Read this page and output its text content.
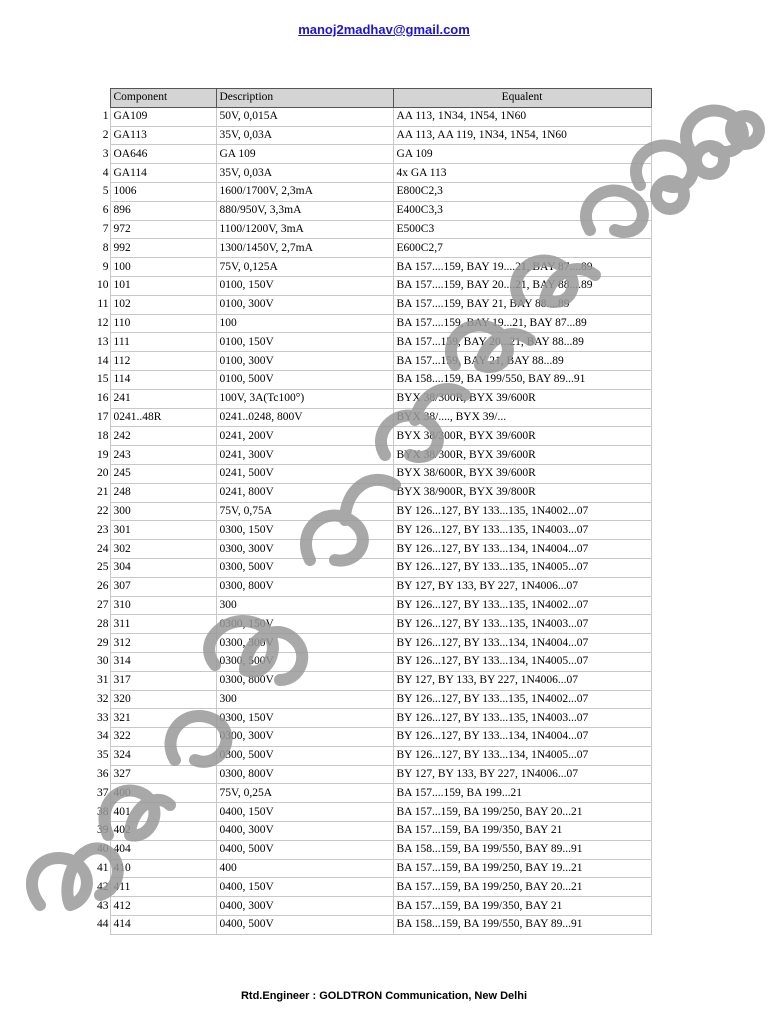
manoj2madhav@gmail.com
	Component	Description	Equalent
1	GA109	50V, 0,015A	AA 113, 1N34, 1N54, 1N60
2	GA113	35V, 0,03A	AA 113, AA 119, 1N34, 1N54, 1N60
3	OA646	GA 109	GA 109
4	GA114	35V, 0,03A	4x GA 113
5	1006	1600/1700V, 2,3mA	E800C2,3
6	896	880/950V, 3,3mA	E400C3,3
7	972	1100/1200V, 3mA	E500C3
8	992	1300/1450V, 2,7mA	E600C2,7
9	100	75V, 0,125A	BA 157....159, BAY 19....21, BAY 87....89
10	101	0100, 150V	BA 157....159, BAY 20....21, BAY 88....89
11	102	0100, 300V	BA 157....159, BAY 21, BAY 88....89
12	110	100	BA 157....159, BAY 19...21, BAY 87...89
13	111	0100, 150V	BA 157...159, BAY 20...21, BAY 88...89
14	112	0100, 300V	BA 157...159, BAY 21, BAY 88...89
15	114	0100, 500V	BA 158....159, BA 199/550, BAY 89...91
16	241	100V, 3A(Tc100°)	BYX 38/300R, BYX 39/600R
17	0241..48R	0241..0248, 800V	BYX 38/...., BYX 39/...
18	242	0241, 200V	BYX 38/300R, BYX 39/600R
19	243	0241, 300V	BYX 38/300R, BYX 39/600R
20	245	0241, 500V	BYX 38/600R, BYX 39/600R
21	248	0241, 800V	BYX 38/900R, BYX 39/800R
22	300	75V, 0,75A	BY 126...127, BY 133...135, 1N4002...07
23	301	0300, 150V	BY 126...127, BY 133...135, 1N4003...07
24	302	0300, 300V	BY 126...127, BY 133...134, 1N4004...07
25	304	0300, 500V	BY 126...127, BY 133...135, 1N4005...07
26	307	0300, 800V	BY 127, BY 133, BY 227, 1N4006...07
27	310	300	BY 126...127, BY 133...135, 1N4002...07
28	311	0300, 150V	BY 126...127, BY 133...135, 1N4003...07
29	312	0300, 300V	BY 126...127, BY 133...134, 1N4004...07
30	314	0300, 500V	BY 126...127, BY 133...134, 1N4005...07
31	317	0300, 800V	BY 127, BY 133, BY 227, 1N4006...07
32	320	300	BY 126...127, BY 133...135, 1N4002...07
33	321	0300, 150V	BY 126...127, BY 133...135, 1N4003...07
34	322	0300, 300V	BY 126...127, BY 133...134, 1N4004...07
35	324	0300, 500V	BY 126...127, BY 133...134, 1N4005...07
36	327	0300, 800V	BY 127, BY 133, BY 227, 1N4006...07
37	400	75V, 0,25A	BA 157....159, BA 199...21
38	401	0400, 150V	BA 157...159, BA 199/250, BAY 20...21
39	402	0400, 300V	BA 157...159, BA 199/350, BAY 21
40	404	0400, 500V	BA 158...159, BA 199/550, BAY 89...91
41	410	400	BA 157...159, BA 199/250, BAY 19...21
42	411	0400, 150V	BA 157...159, BA 199/250, BAY 20...21
43	412	0400, 300V	BA 157...159, BA 199/350, BAY 21
44	414	0400, 500V	BA 158...159, BA 199/550, BAY 89...91
Rtd.Engineer : GOLDTRON Communication, New Delhi
